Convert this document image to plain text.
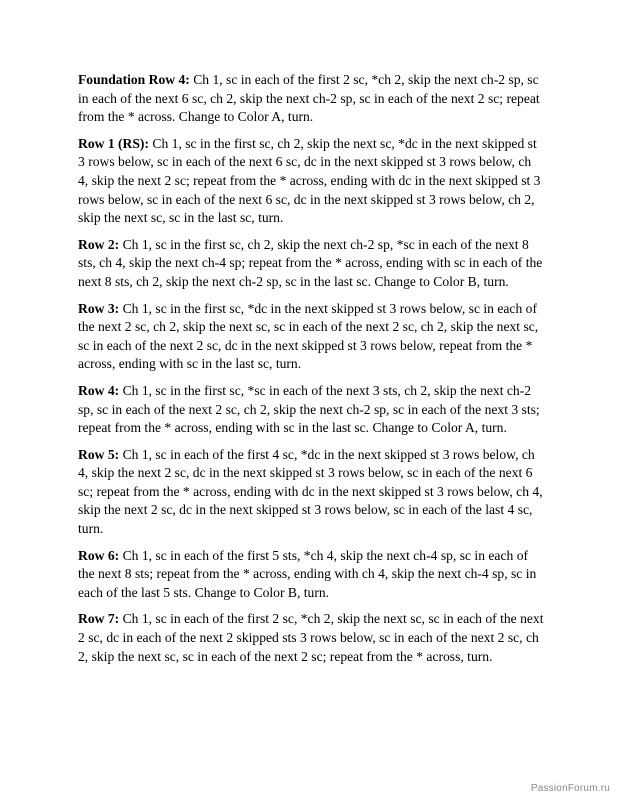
Foundation Row 4: Ch 1, sc in each of the first 2 sc, *ch 2, skip the next ch-2 sp, sc in each of the next 6 sc, ch 2, skip the next ch-2 sp, sc in each of the next 2 sc; repeat from the * across. Change to Color A, turn.

Row 1 (RS): Ch 1, sc in the first sc, ch 2, skip the next sc, *dc in the next skipped st 3 rows below, sc in each of the next 6 sc, dc in the next skipped st 3 rows below, ch 4, skip the next 2 sc; repeat from the * across, ending with dc in the next skipped st 3 rows below, sc in each of the next 6 sc, dc in the next skipped st 3 rows below, ch 2, skip the next sc, sc in the last sc, turn.

Row 2: Ch 1, sc in the first sc, ch 2, skip the next ch-2 sp, *sc in each of the next 8 sts, ch 4, skip the next ch-4 sp; repeat from the * across, ending with sc in each of the next 8 sts, ch 2, skip the next ch-2 sp, sc in the last sc. Change to Color B, turn.

Row 3: Ch 1, sc in the first sc, *dc in the next skipped st 3 rows below, sc in each of the next 2 sc, ch 2, skip the next sc, sc in each of the next 2 sc, ch 2, skip the next sc, sc in each of the next 2 sc, dc in the next skipped st 3 rows below, repeat from the * across, ending with sc in the last sc, turn.

Row 4: Ch 1, sc in the first sc, *sc in each of the next 3 sts, ch 2, skip the next ch-2 sp, sc in each of the next 2 sc, ch 2, skip the next ch-2 sp, sc in each of the next 3 sts; repeat from the * across, ending with sc in the last sc. Change to Color A, turn.

Row 5: Ch 1, sc in each of the first 4 sc, *dc in the next skipped st 3 rows below, ch 4, skip the next 2 sc, dc in the next skipped st 3 rows below, sc in each of the next 6 sc; repeat from the * across, ending with dc in the next skipped st 3 rows below, ch 4, skip the next 2 sc, dc in the next skipped st 3 rows below, sc in each of the last 4 sc, turn.

Row 6: Ch 1, sc in each of the first 5 sts, *ch 4, skip the next ch-4 sp, sc in each of the next 8 sts; repeat from the * across, ending with ch 4, skip the next ch-4 sp, sc in each of the last 5 sts. Change to Color B, turn.

Row 7: Ch 1, sc in each of the first 2 sc, *ch 2, skip the next sc, sc in each of the next 2 sc, dc in each of the next 2 skipped sts 3 rows below, sc in each of the next 2 sc, ch 2, skip the next sc, sc in each of the next 2 sc; repeat from the * across, turn.

PassionForum.ru
